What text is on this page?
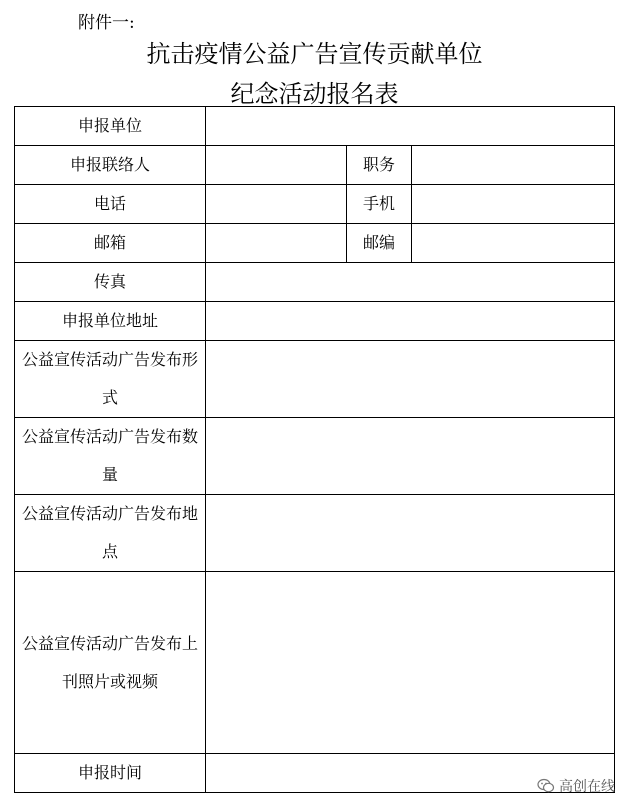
附件一:
抗击疫情公益广告宣传贡献单位
纪念活动报名表
申报单位			
申报联络人		职务	
电话		手机	
邮箱		邮编	
传真			
申报单位地址			
公益宣传活动广告发布形式			
公益宣传活动广告发布数量			
公益宣传活动广告发布地点			
公益宣传活动广告发布上刊照片或视频			
申报时间			
高创在线
